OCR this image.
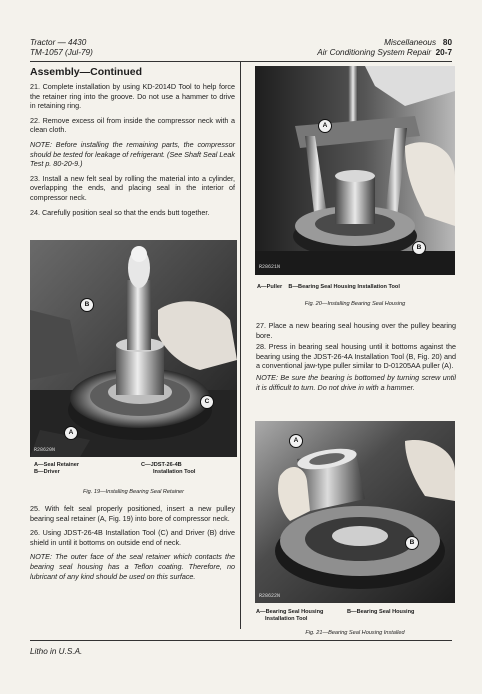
Tractor — 4430
TM-1057 (Jul-79)
Miscellaneous 80
Air Conditioning System Repair 20-7
Assembly—Continued
21. Complete installation by using KD-2014D Tool to help force the retainer ring into the groove. Do not use a hammer to drive in retaining ring.
22. Remove excess oil from inside the compressor neck with a clean cloth.
NOTE: Before installing the remaining parts, the compressor should be tested for leakage of refrigerant. (See Shaft Seal Leak Test p. 80-20-9.)
23. Install a new felt seal by rolling the material into a cylinder, overlapping the ends, and placing seal in the interior of compressor neck.
24. Carefully position seal so that the ends butt together.
B
C
A
R28620N
A—Seal Retainer
B—Driver
C—JDST-26-4B
Installation Tool
Fig. 19—Installing Bearing Seal Retainer
25. With felt seal properly positioned, insert a new pulley bearing seal retainer (A, Fig. 19) into bore of compressor neck.
26. Using JDST-26-4B Installation Tool (C) and Driver (B) drive shield in until it bottoms on outside end of neck.
NOTE: The outer face of the seal retainer which contacts the bearing seal housing has a Teflon coating. Therefore, no lubricant of any kind should be used on this surface.
A
B
R28621N
A—Puller B—Bearing Seal Housing Installation Tool
Fig. 20—Installing Bearing Seal Housing
27. Place a new bearing seal housing over the pulley bearing bore.
28. Press in bearing seal housing until it bottoms against the bearing using the JDST-26-4A Installation Tool (B, Fig. 20) and a conventional jaw-type puller similar to D-01205AA puller (A).
NOTE: Be sure the bearing is bottomed by turning screw until it is difficult to turn. Do not drive in with a hammer.
A
B
R28622N
A—Bearing Seal Housing
Installation Tool
B—Bearing Seal Housing
Fig. 21—Bearing Seal Housing Installed
Litho in U.S.A.
